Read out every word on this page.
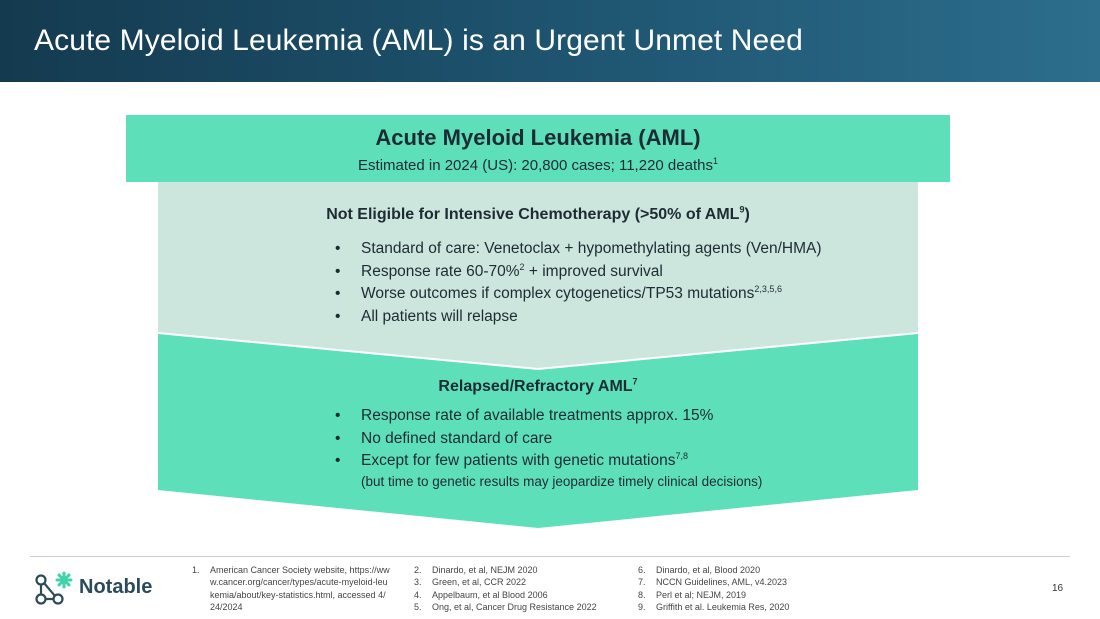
Acute Myeloid Leukemia (AML) is an Urgent Unmet Need
Acute Myeloid Leukemia (AML)
Estimated in 2024 (US): 20,800 cases; 11,220 deaths$^1$
Not Eligible for Intensive Chemotherapy (>50% of AML$^9$)
• Standard of care: Venetoclax + hypomethylating agents (Ven/HMA)
• Response rate 60-70%$^2$ + improved survival
• Worse outcomes if complex cytogenetics/TP53 mutations$^{2,3,5,6}$
• All patients will relapse
Relapsed/Refractory AML$^7$
• Response rate of available treatments approx. 15%
• No defined standard of care
• Except for few patients with genetic mutations$^{7,8}$
(but time to genetic results may jeopardize timely clinical decisions)
Notable
1. American Cancer Society website, https://www.cancer.org/cancer/types/acute-myeloid-leukemia/about/key-statistics.html, accessed 4/24/2024
2. Dinardo, et al, NEJM 2020
3. Green, et al, CCR 2022
4. Appelbaum, et al Blood 2006
5. Ong, et al, Cancer Drug Resistance 2022
6. Dinardo, et al, Blood 2020
7. NCCN Guidelines, AML, v4.2023
8. Perl et al; NEJM, 2019
9. Griffith et al. Leukemia Res, 2020
16
